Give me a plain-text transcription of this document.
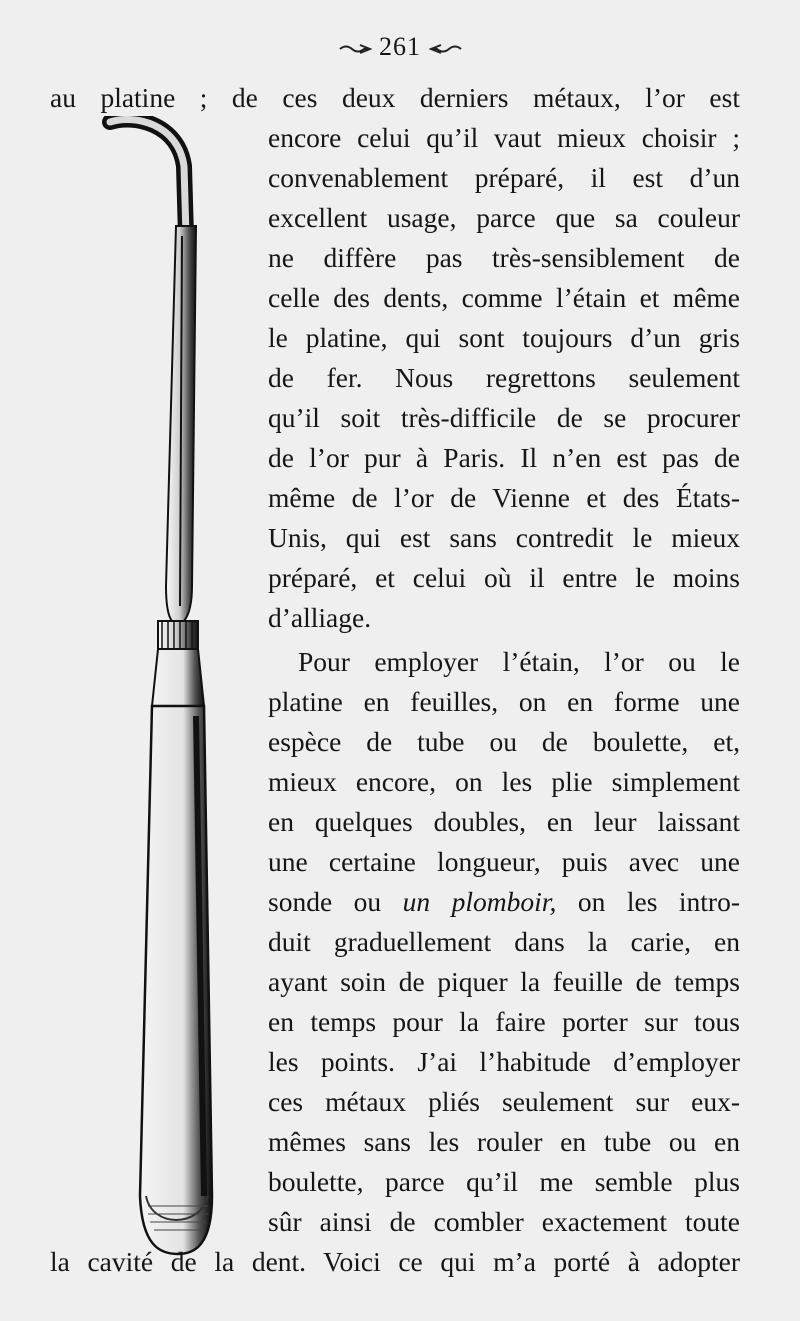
261
au platine ; de ces deux derniers métaux, l’or est
encore celui qu’il vaut mieux choisir ;
convenablement préparé, il est d’un
excellent usage, parce que sa couleur
ne diffère pas très-sensiblement de
celle des dents, comme l’étain et même
le platine, qui sont toujours d’un gris
de fer. Nous regrettons seulement
qu’il soit très-difficile de se procurer
de l’or pur à Paris. Il n’en est pas de
même de l’or de Vienne et des États-
Unis, qui est sans contredit le mieux
préparé, et celui où il entre le moins
d’alliage.
Pour employer l’étain, l’or ou le
platine en feuilles, on en forme une
espèce de tube ou de boulette, et,
mieux encore, on les plie simplement
en quelques doubles, en leur laissant
une certaine longueur, puis avec une
sonde ou un plomboir, on les intro-
duit graduellement dans la carie, en
ayant soin de piquer la feuille de temps
en temps pour la faire porter sur tous
les points. J’ai l’habitude d’employer
ces métaux pliés seulement sur eux-
mêmes sans les rouler en tube ou en
boulette, parce qu’il me semble plus
sûr ainsi de combler exactement toute
la cavité de la dent. Voici ce qui m’a porté à adopter
